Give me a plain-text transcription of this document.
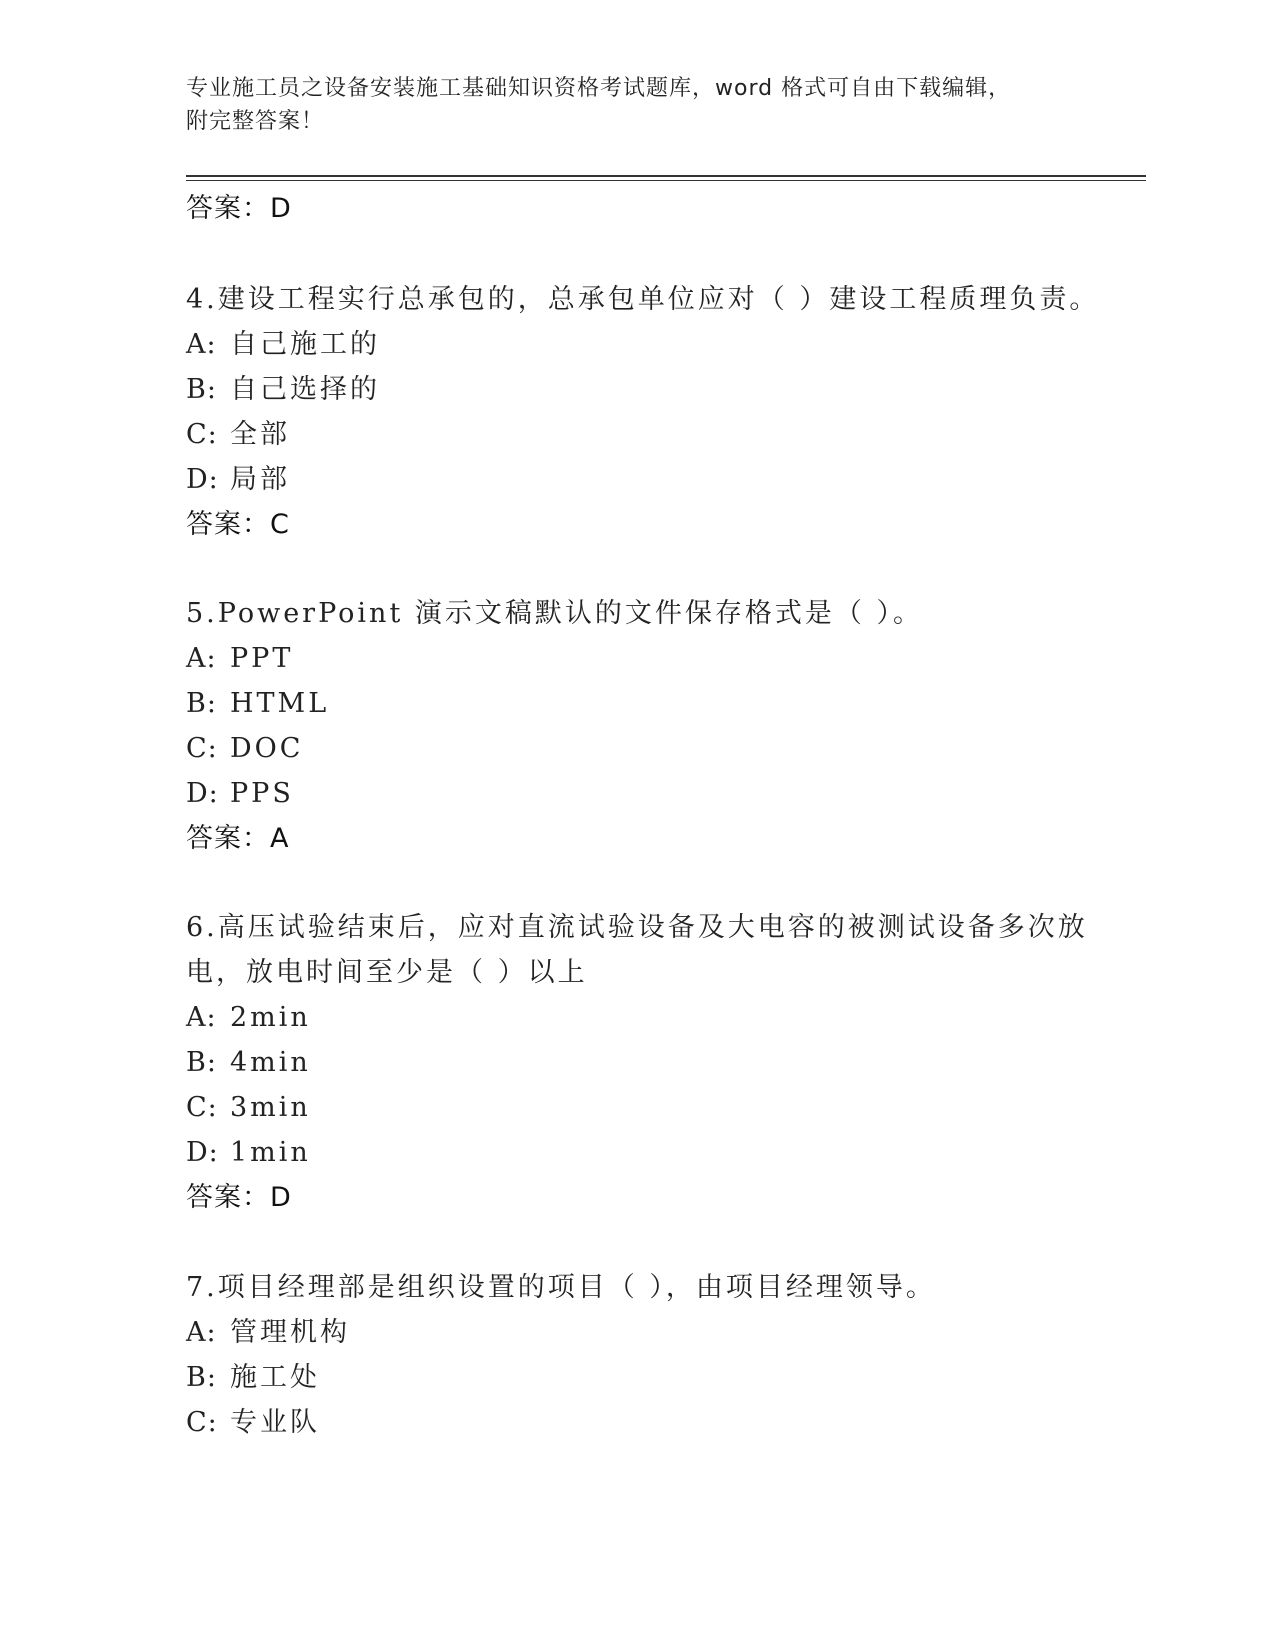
专业施工员之设备安装施工基础知识资格考试题库，word 格式可自由下载编辑，
附完整答案！
答案：D
4.建设工程实行总承包的，总承包单位应对（ ）建设工程质理负责。
A: 自己施工的
B: 自己选择的
C: 全部
D: 局部
答案：C
5.PowerPoint 演示文稿默认的文件保存格式是（ ）。
A: PPT
B: HTML
C: DOC
D: PPS
答案：A
6.高压试验结束后，应对直流试验设备及大电容的被测试设备多次放
电，放电时间至少是（ ）以上
A: 2min
B: 4min
C: 3min
D: 1min
答案：D
7.项目经理部是组织设置的项目（ ），由项目经理领导。
A: 管理机构
B: 施工处
C: 专业队
